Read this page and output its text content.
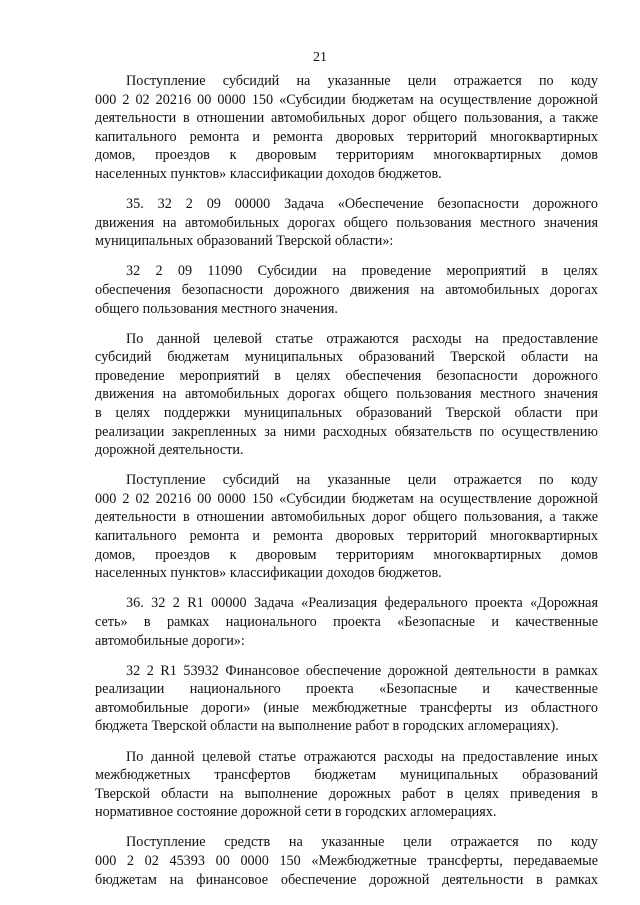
21
Поступление субсидий на указанные цели отражается по коду
000 2 02 20216 00 0000 150 «Субсидии бюджетам на осуществление дорожной
деятельности в отношении автомобильных дорог общего пользования, а также
капитального ремонта и ремонта дворовых территорий многоквартирных
домов, проездов к дворовым территориям многоквартирных домов
населенных пунктов» классификации доходов бюджетов.
35. 32 2 09 00000 Задача «Обеспечение безопасности дорожного
движения на автомобильных дорогах общего пользования местного значения
муниципальных образований Тверской области»:
32 2 09 11090 Субсидии на проведение мероприятий в целях
обеспечения безопасности дорожного движения на автомобильных дорогах
общего пользования местного значения.
По данной целевой статье отражаются расходы на предоставление
субсидий бюджетам муниципальных образований Тверской области на
проведение мероприятий в целях обеспечения безопасности дорожного
движения на автомобильных дорогах общего пользования местного значения
в целях поддержки муниципальных образований Тверской области при
реализации закрепленных за ними расходных обязательств по осуществлению
дорожной деятельности.
Поступление субсидий на указанные цели отражается по коду
000 2 02 20216 00 0000 150 «Субсидии бюджетам на осуществление дорожной
деятельности в отношении автомобильных дорог общего пользования, а также
капитального ремонта и ремонта дворовых территорий многоквартирных
домов, проездов к дворовым территориям многоквартирных домов
населенных пунктов» классификации доходов бюджетов.
36. 32 2 R1 00000 Задача «Реализация федерального проекта «Дорожная
сеть» в рамках национального проекта «Безопасные и качественные
автомобильные дороги»:
32 2 R1 53932 Финансовое обеспечение дорожной деятельности в рамках
реализации национального проекта «Безопасные и качественные
автомобильные дороги» (иные межбюджетные трансферты из областного
бюджета Тверской области на выполнение работ в городских агломерациях).
По данной целевой статье отражаются расходы на предоставление иных
межбюджетных трансфертов бюджетам муниципальных образований
Тверской области на выполнение дорожных работ в целях приведения в
нормативное состояние дорожной сети в городских агломерациях.
Поступление средств на указанные цели отражается по коду
000 2 02 45393 00 0000 150 «Межбюджетные трансферты, передаваемые
бюджетам на финансовое обеспечение дорожной деятельности в рамках
